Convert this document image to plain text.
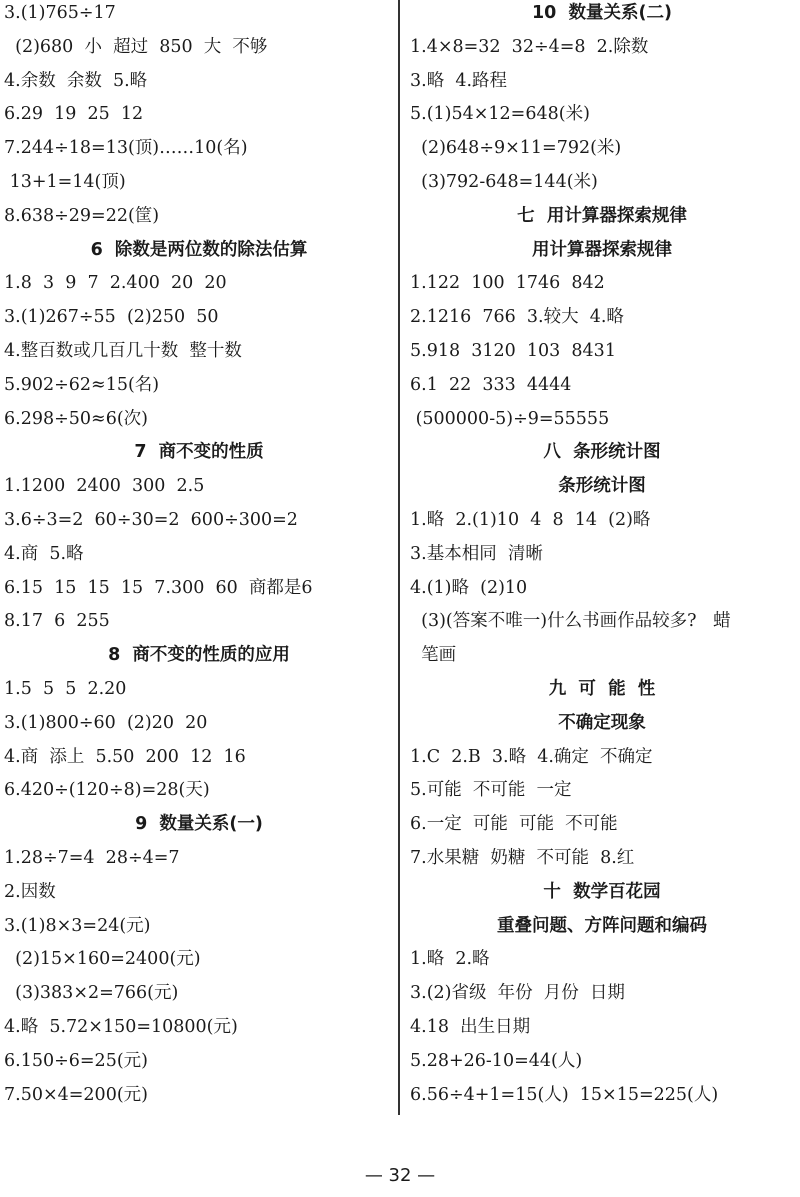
3.(1)765÷17
(2)680  小  超过  850  大  不够
4.余数  余数  5.略
6.29  19  25  12
7.244÷18=13(顶)……10(名)
13+1=14(顶)
8.638÷29=22(筐)
6  除数是两位数的除法估算
1.8  3  9  7  2.400  20  20
3.(1)267÷55  (2)250  50
4.整百数或几百几十数  整十数
5.902÷62≈15(名)
6.298÷50≈6(次)
7  商不变的性质
1.1200  2400  300  2.5
3.6÷3=2  60÷30=2  600÷300=2
4.商  5.略
6.15  15  15  15  7.300  60  商都是6
8.17  6  255
8  商不变的性质的应用
1.5  5  5  2.20
3.(1)800÷60  (2)20  20
4.商  添上  5.50  200  12  16
6.420÷(120÷8)=28(天)
9  数量关系(一)
1.28÷7=4  28÷4=7
2.因数
3.(1)8×3=24(元)
(2)15×160=2400(元)
(3)383×2=766(元)
4.略  5.72×150=10800(元)
6.150÷6=25(元)
7.50×4=200(元)
10  数量关系(二)
1.4×8=32  32÷4=8  2.除数
3.略  4.路程
5.(1)54×12=648(米)
(2)648÷9×11=792(米)
(3)792-648=144(米)
七  用计算器探索规律
用计算器探索规律
1.122  100  1746  842
2.1216  766  3.较大  4.略
5.918  3120  103  8431
6.1  22  333  4444
(500000-5)÷9=55555
八  条形统计图
条形统计图
1.略  2.(1)10  4  8  14  (2)略
3.基本相同  清晰
4.(1)略  (2)10
(3)(答案不唯一)什么书画作品较多?   蜡
笔画
九  可  能  性
不确定现象
1.C  2.B  3.略  4.确定  不确定
5.可能  不可能  一定
6.一定  可能  可能  不可能
7.水果糖  奶糖  不可能  8.红
十  数学百花园
重叠问题、方阵问题和编码
1.略  2.略
3.(2)省级  年份  月份  日期
4.18  出生日期
5.28+26-10=44(人)
6.56÷4+1=15(人)  15×15=225(人)
— 32 —
